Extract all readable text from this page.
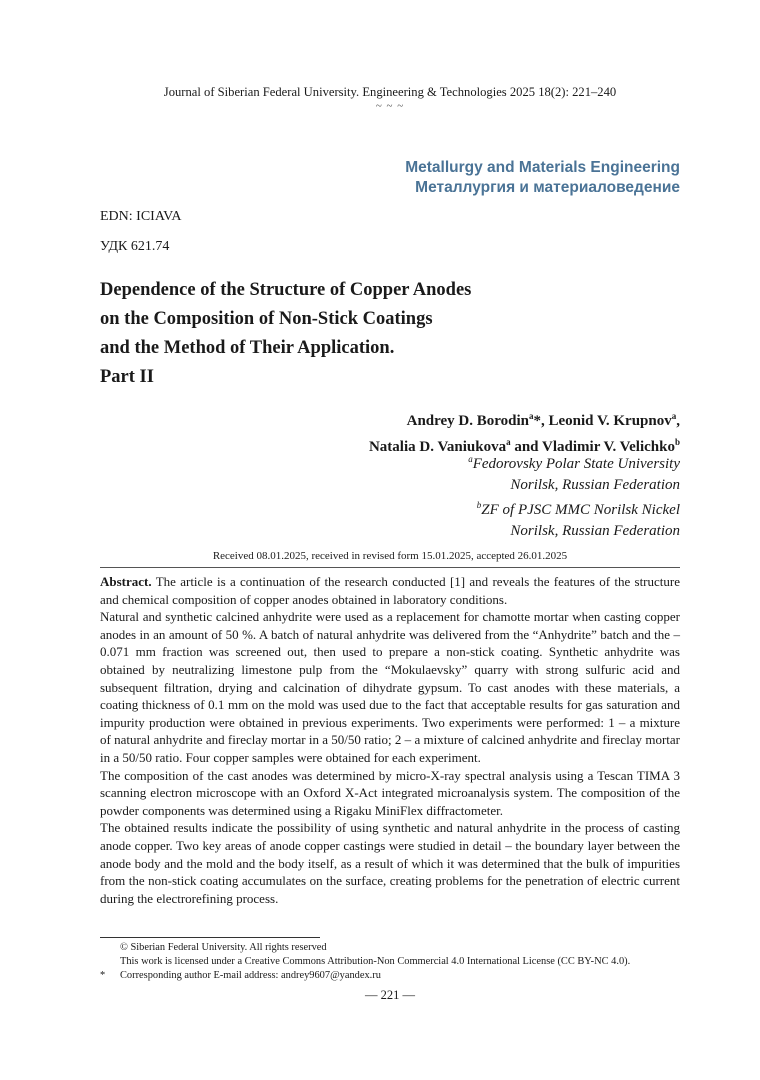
Journal of Siberian Federal University. Engineering & Technologies 2025 18(2): 221–240
~ ~ ~
Metallurgy and Materials Engineering
Металлургия и материаловедение
EDN: ICIAVA
УДК 621.74
Dependence of the Structure of Copper Anodes
on the Composition of Non-Stick Coatings
and the Method of Their Application.
Part II
Andrey D. Borodin$^a$*, Leonid V. Krupnov$^a$,
Natalia D. Vaniukova$^a$ and Vladimir V. Velichko$^b$
$^a$Fedorovsky Polar State University
Norilsk, Russian Federation
$^b$ZF of PJSC MMC Norilsk Nickel
Norilsk, Russian Federation
Received 08.01.2025, received in revised form 15.01.2025, accepted 26.01.2025

Abstract. The article is a continuation of the research conducted [1] and reveals the features of the structure and chemical composition of copper anodes obtained in laboratory conditions.

Natural and synthetic calcined anhydrite were used as a replacement for chamotte mortar when casting copper anodes in an amount of 50 %. A batch of natural anhydrite was delivered from the “Anhydrite” batch and the –0.071 mm fraction was screened out, then used to prepare a non-stick coating. Synthetic anhydrite was obtained by neutralizing limestone pulp from the “Mokulaevsky” quarry with strong sulfuric acid and subsequent filtration, drying and calcination of dihydrate gypsum. To cast anodes with these materials, a coating thickness of 0.1 mm on the mold was used due to the fact that acceptable results for gas saturation and impurity production were obtained in previous experiments. Two experiments were performed: 1 – a mixture of natural anhydrite and fireclay mortar in a 50/50 ratio; 2 – a mixture of calcined anhydrite and fireclay mortar in a 50/50 ratio. Four copper samples were obtained for each experiment.

The composition of the cast anodes was determined by micro-X-ray spectral analysis using a Tescan TIMA 3 scanning electron microscope with an Oxford X-Act integrated microanalysis system. The composition of the powder components was determined using a Rigaku MiniFlex diffractometer.

The obtained results indicate the possibility of using synthetic and natural anhydrite in the process of casting anode copper. Two key areas of anode copper castings were studied in detail – the boundary layer between the anode body and the mold and the body itself, as a result of which it was determined that the bulk of impurities from the non-stick coating accumulates on the surface, creating problems for the penetration of electric current during the electrorefining process.

© Siberian Federal University. All rights reserved
This work is licensed under a Creative Commons Attribution-Non Commercial 4.0 International License (CC BY-NC 4.0).
* Corresponding author E-mail address: andrey9607@yandex.ru
— 221 —
